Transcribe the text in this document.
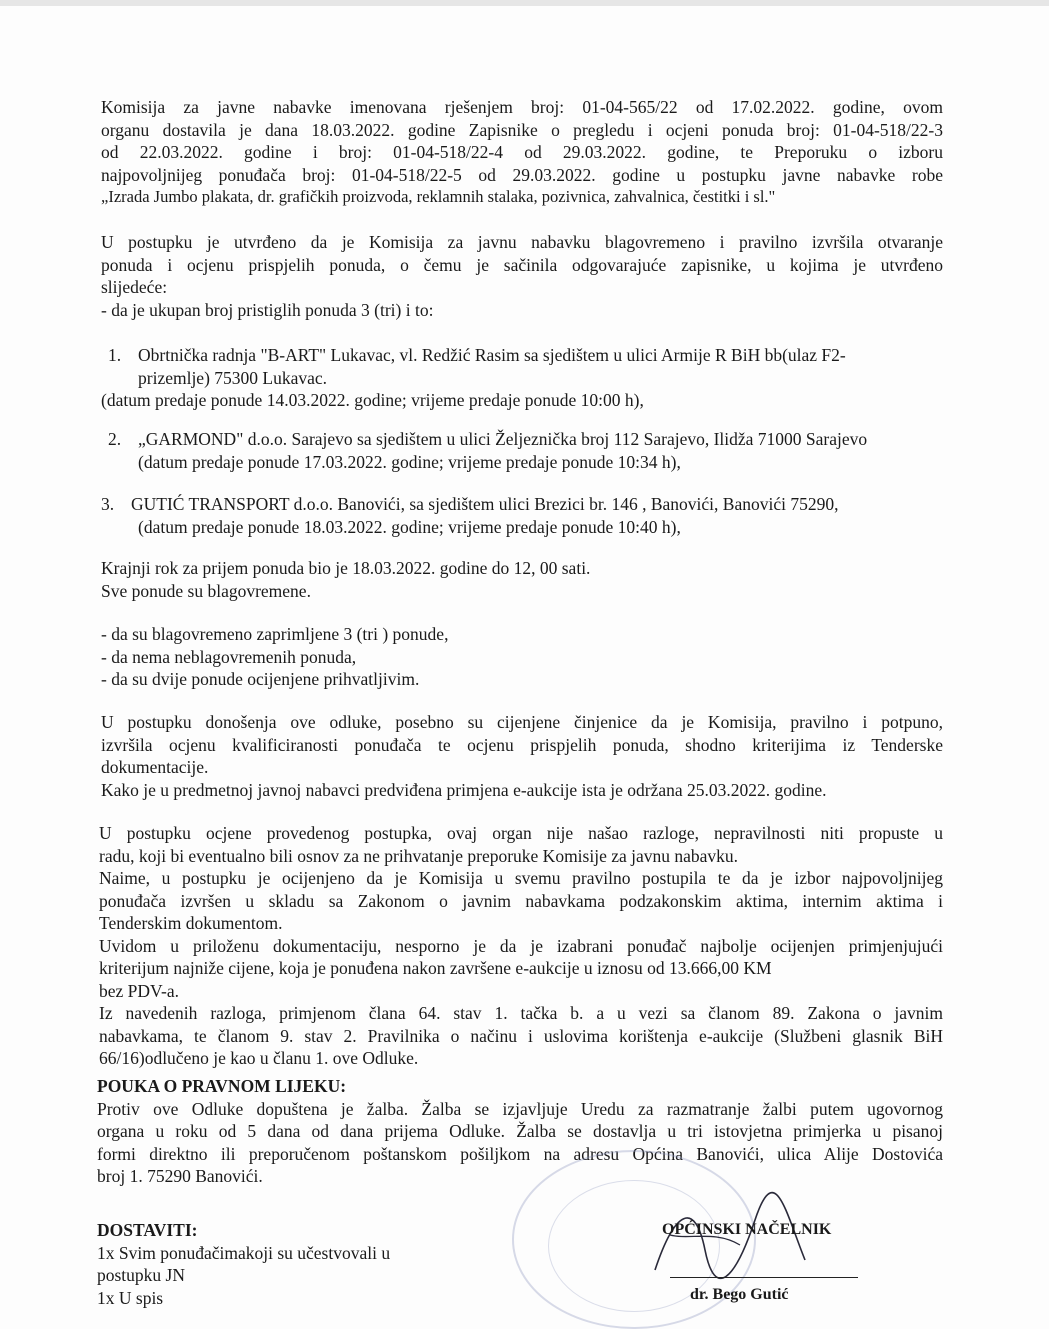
Komisija za javne nabavke imenovana rješenjem broj: 01-04-565/22 od 17.02.2022. godine, ovom
organu dostavila je dana 18.03.2022. godine Zapisnike o pregledu i ocjeni ponuda broj: 01-04-518/22-3
od 22.03.2022. godine i broj: 01-04-518/22-4 od 29.03.2022. godine, te Preporuku o izboru
najpovoljnijeg ponuđača broj: 01-04-518/22-5 od 29.03.2022. godine u postupku javne nabavke robe
„Izrada Jumbo plakata, dr. grafičkih proizvoda, reklamnih stalaka, pozivnica, zahvalnica, čestitki i sl."
U postupku je utvrđeno da je Komisija za javnu nabavku blagovremeno i pravilno izvršila otvaranje
ponuda i ocjenu prispjelih ponuda, o čemu je sačinila odgovarajuće zapisnike, u kojima je utvrđeno
slijedeće:
- da je ukupan broj pristiglih ponuda 3 (tri) i to:
1. Obrtnička radnja "B-ART" Lukavac, vl. Redžić Rasim sa sjedištem u ulici Armije R BiH bb(ulaz F2-
prizemlje) 75300 Lukavac.
(datum predaje ponude 14.03.2022. godine; vrijeme predaje ponude 10:00 h),
2. „GARMOND" d.o.o. Sarajevo sa sjedištem u ulici Željeznička broj 112 Sarajevo, Ilidža 71000 Sarajevo
(datum predaje ponude 17.03.2022. godine; vrijeme predaje ponude 10:34 h),
3. GUTIĆ TRANSPORT d.o.o. Banovići, sa sjedištem ulici Brezici br. 146 , Banovići, Banovići 75290,
(datum predaje ponude 18.03.2022. godine; vrijeme predaje ponude 10:40 h),
Krajnji rok za prijem ponuda bio je 18.03.2022. godine do 12, 00 sati.
Sve ponude su blagovremene.
- da su blagovremeno zaprimljene 3 (tri ) ponude,
- da nema neblagovremenih ponuda,
- da su dvije ponude ocijenjene prihvatljivim.
U postupku donošenja ove odluke, posebno su cijenjene činjenice da je Komisija, pravilno i potpuno,
izvršila ocjenu kvalificiranosti ponuđača te ocjenu prispjelih ponuda, shodno kriterijima iz Tenderske
dokumentacije.
Kako je u predmetnoj javnoj nabavci predviđena primjena e-aukcije ista je održana 25.03.2022. godine.
U postupku ocjene provedenog postupka, ovaj organ nije našao razloge, nepravilnosti niti propuste u
radu, koji bi eventualno bili osnov za ne prihvatanje preporuke Komisije za javnu nabavku.
Naime, u postupku je ocijenjeno da je Komisija u svemu pravilno postupila te da je izbor najpovoljnijeg
ponuđača izvršen u skladu sa Zakonom o javnim nabavkama podzakonskim aktima, internim aktima i
Tenderskim dokumentom.
Uvidom u priloženu dokumentaciju, nesporno je da je izabrani ponuđač najbolje ocijenjen primjenjujući
kriterijum najniže cijene, koja je ponuđena nakon završene e-aukcije u iznosu od 13.666,00 KM
bez PDV-a.
Iz navedenih razloga, primjenom člana 64. stav 1. tačka b. a u vezi sa članom 89. Zakona o javnim
nabavkama, te članom 9. stav 2. Pravilnika o načinu i uslovima korištenja e-aukcije (Službeni glasnik BiH
66/16)odlučeno je kao u članu 1. ove Odluke.
POUKA O PRAVNOM LIJEKU:
Protiv ove Odluke dopuštena je žalba. Žalba se izjavljuje Uredu za razmatranje žalbi putem ugovornog
organa u roku od 5 dana od dana prijema Odluke. Žalba se dostavlja u tri istovjetna primjerka u pisanoj
formi direktno ili preporučenom poštanskom pošiljkom na adresu Općina Banovići, ulica Alije Dostovića
broj 1. 75290 Banovići.
DOSTAVITI:
1x Svim ponuđačimakoji su učestvovali u
postupku JN
1x U spis
OPĆINSKI NAČELNIK
dr. Bego Gutić
